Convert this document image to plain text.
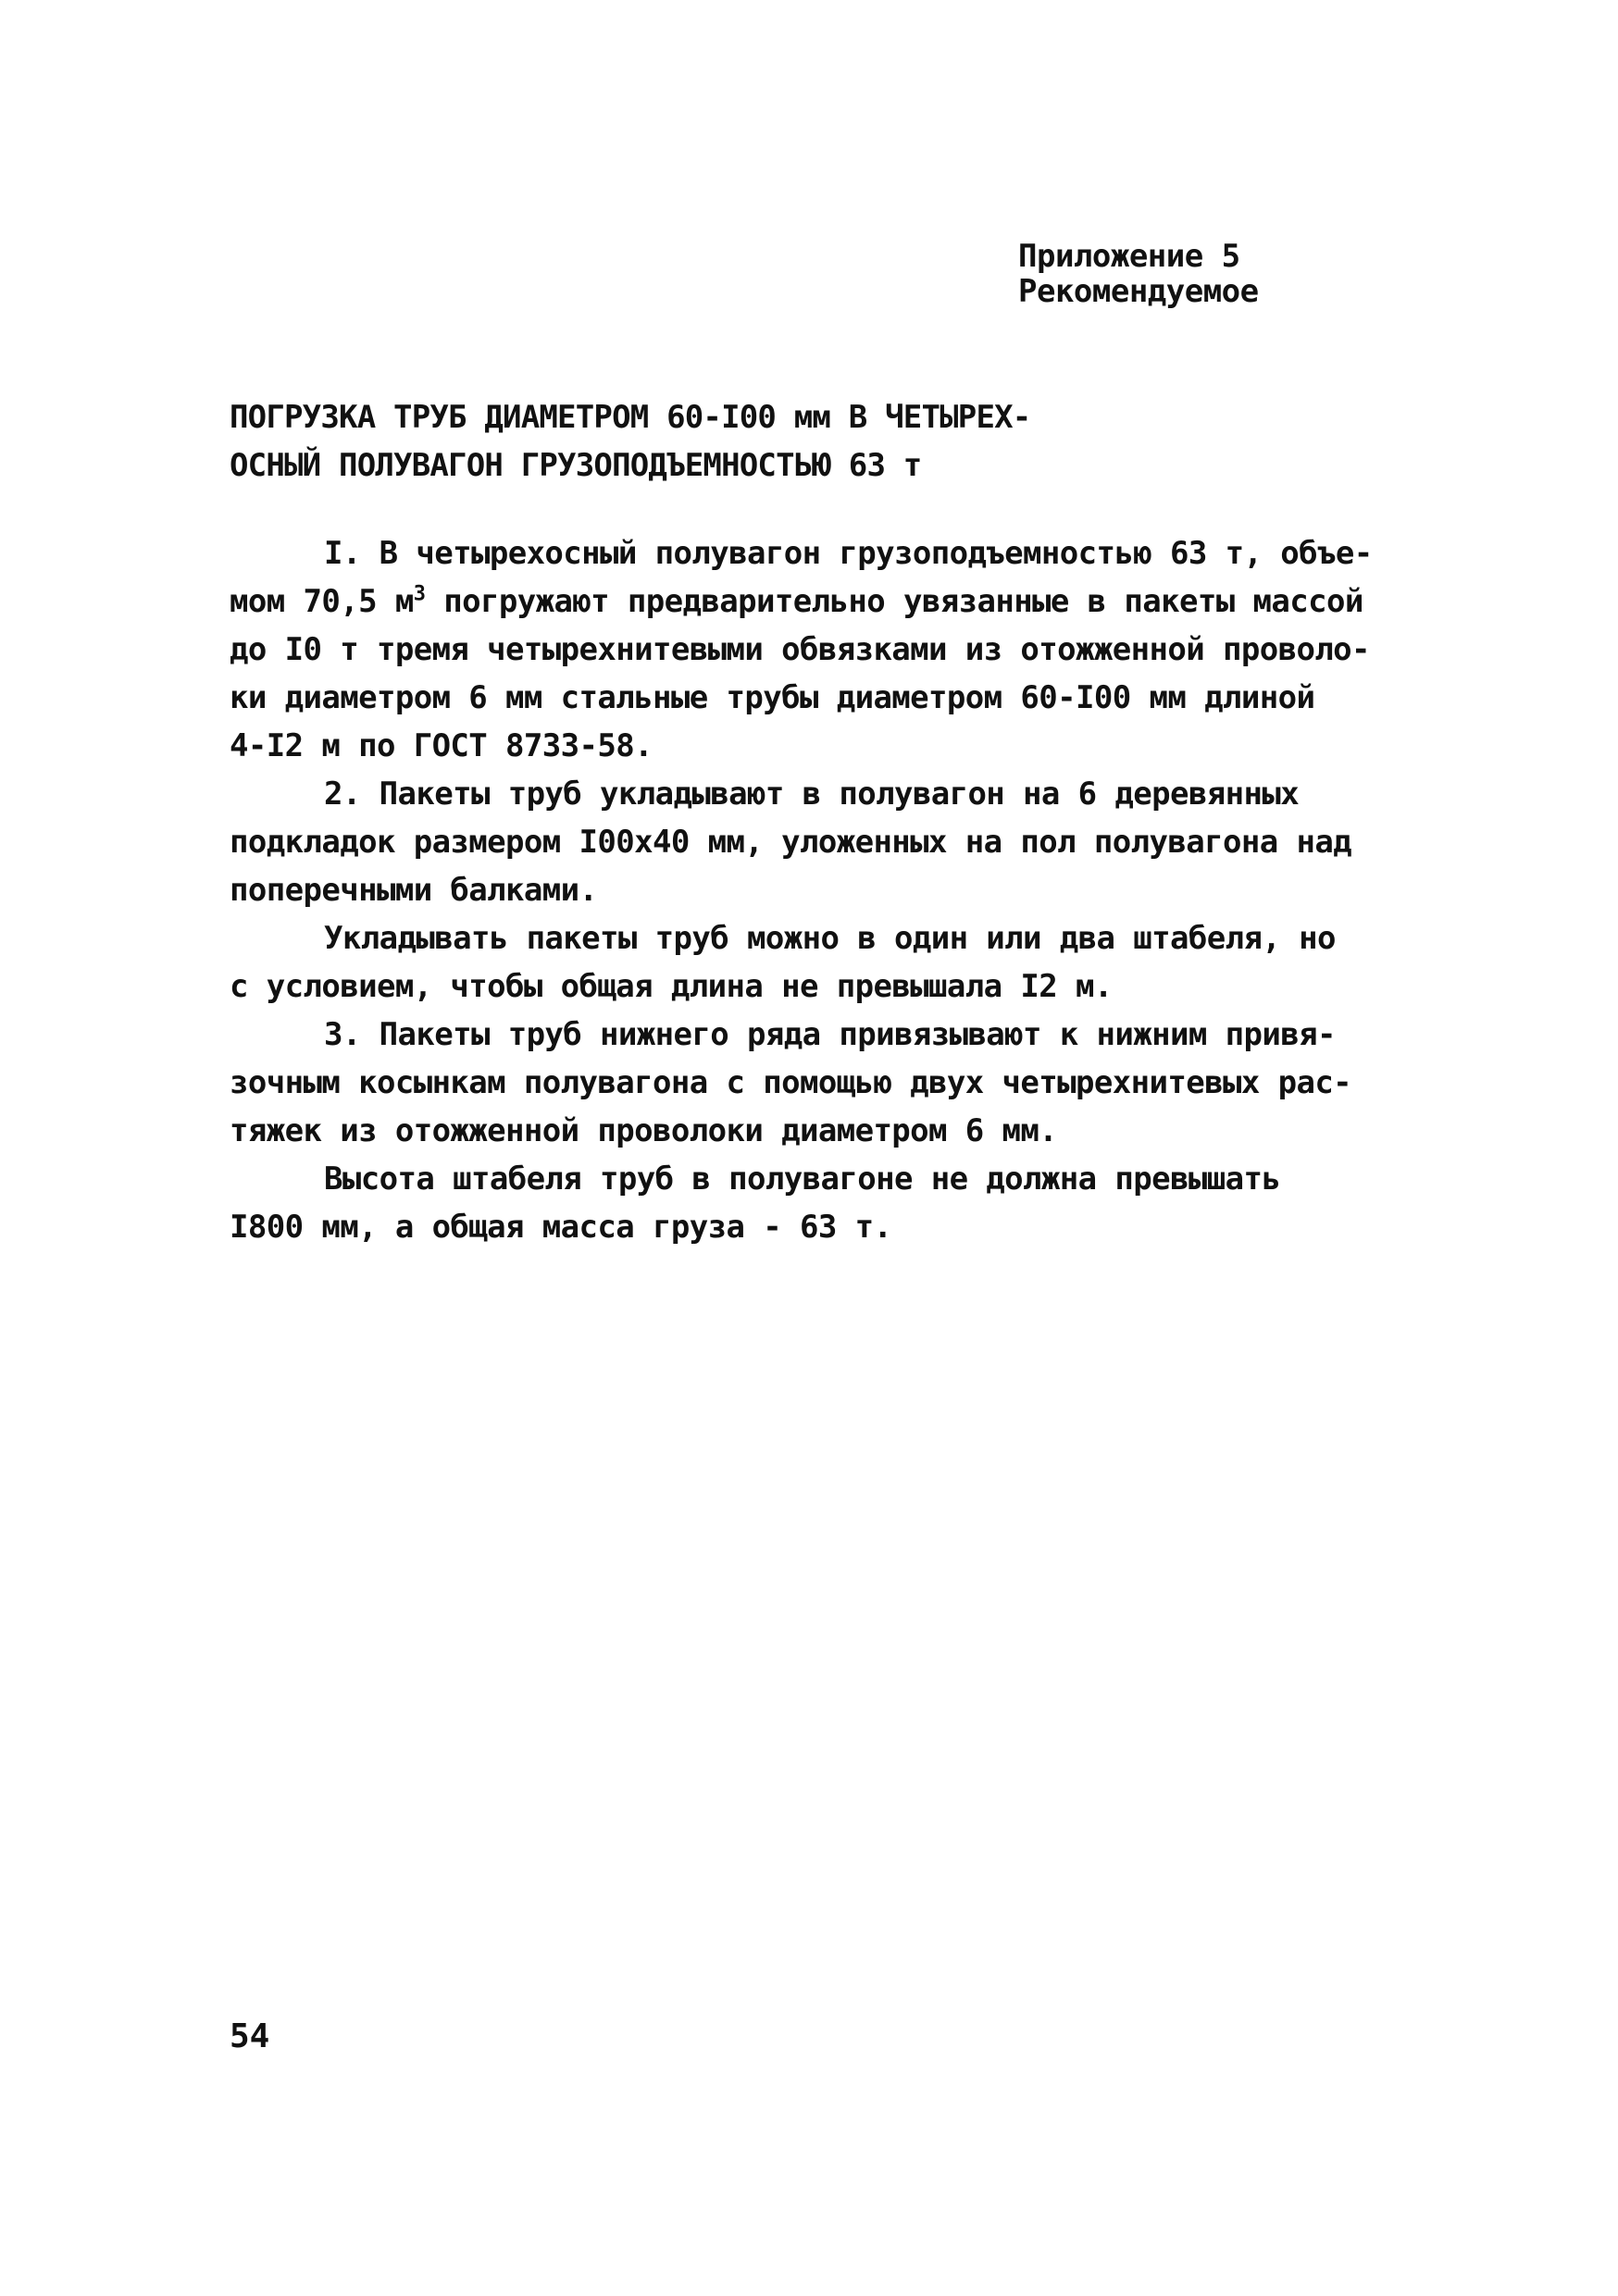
Приложение 5
Рекомендуемое
ПОГРУЗКА ТРУБ ДИАМЕТРОМ 60-I00 мм В ЧЕТЫРЕХ-
ОСНЫЙ ПОЛУВАГОН ГРУЗОПОДЪЕМНОСТЬЮ 63 т
I. В четырехосный полувагон грузоподъемностью 63 т, объе-
мом 70,5 $м^3$ погружают предварительно увязанные в пакеты массой
до I0 т тремя четырехнитевыми обвязками из отожженной проволо-
ки диаметром 6 мм стальные трубы диаметром 60-I00 мм длиной
4-I2 м по ГОСТ 8733-58.
2. Пакеты труб укладывают в полувагон на 6 деревянных
подкладок размером I00x40 мм, уложенных на пол полувагона над
поперечными балками.
Укладывать пакеты труб можно в один или два штабеля, но
с условием, чтобы общая длина не превышала I2 м.
3. Пакеты труб нижнего ряда привязывают к нижним привя-
зочным косынкам полувагона с помощью двух четырехнитевых рас-
тяжек из отожженной проволоки диаметром 6 мм.
Высота штабеля труб в полувагоне не должна превышать
I800 мм, а общая масса груза - 63 т.
54
